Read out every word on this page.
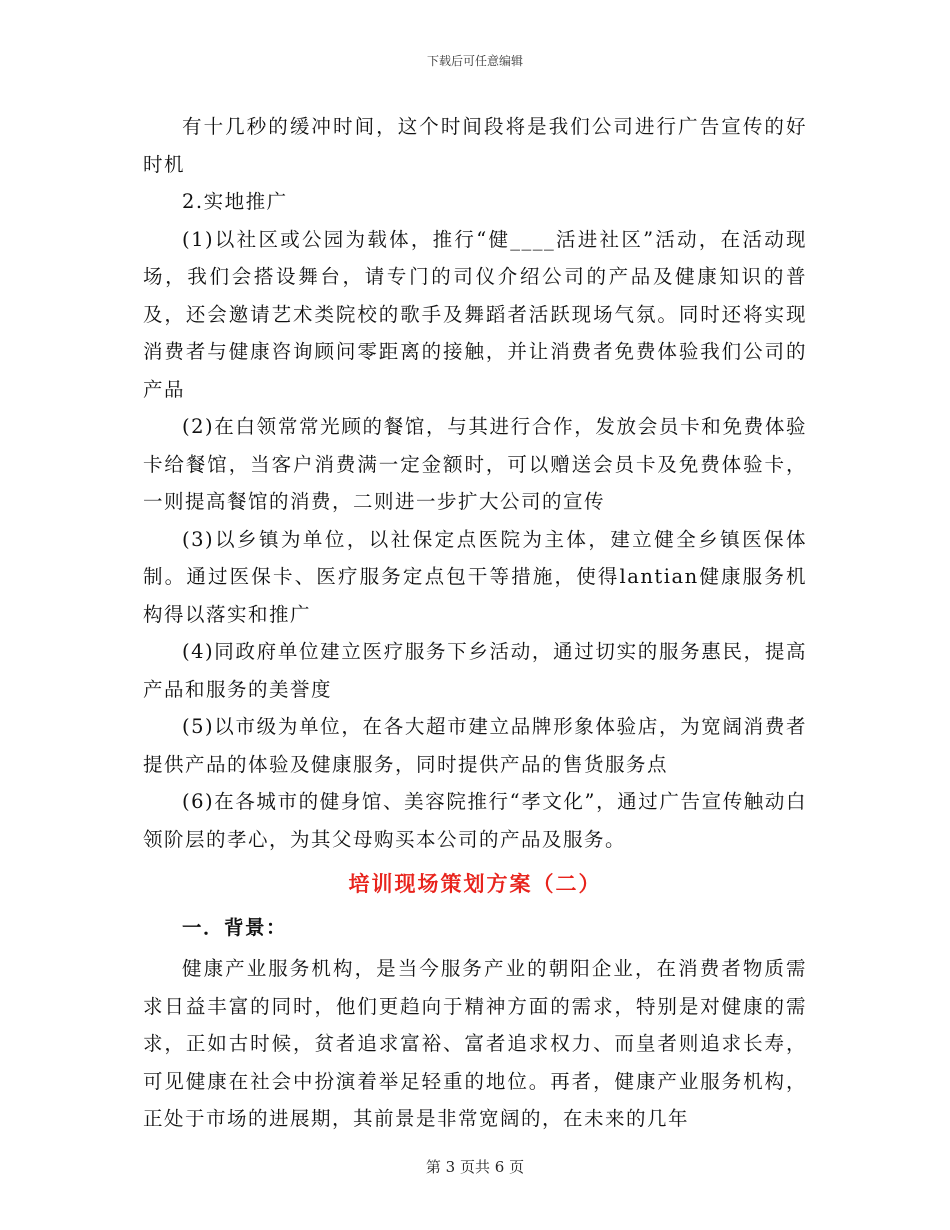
下载后可任意编辑

有十几秒的缓冲时间，这个时间段将是我们公司进行广告宣传的好时机

2.实地推广

(1)以社区或公园为载体，推行“健____活进社区”活动，在活动现场，我们会搭设舞台，请专门的司仪介绍公司的产品及健康知识的普及，还会邀请艺术类院校的歌手及舞蹈者活跃现场气氛。同时还将实现消费者与健康咨询顾问零距离的接触，并让消费者免费体验我们公司的产品

(2)在白领常常光顾的餐馆，与其进行合作，发放会员卡和免费体验卡给餐馆，当客户消费满一定金额时，可以赠送会员卡及免费体验卡，一则提高餐馆的消费，二则进一步扩大公司的宣传

(3)以乡镇为单位，以社保定点医院为主体，建立健全乡镇医保体制。通过医保卡、医疗服务定点包干等措施，使得lantian健康服务机构得以落实和推广

(4)同政府单位建立医疗服务下乡活动，通过切实的服务惠民，提高产品和服务的美誉度

(5)以市级为单位，在各大超市建立品牌形象体验店，为宽阔消费者提供产品的体验及健康服务，同时提供产品的售货服务点

(6)在各城市的健身馆、美容院推行“孝文化”，通过广告宣传触动白领阶层的孝心，为其父母购买本公司的产品及服务。

培训现场策划方案（二）

一．背景：

健康产业服务机构，是当今服务产业的朝阳企业，在消费者物质需求日益丰富的同时，他们更趋向于精神方面的需求，特别是对健康的需求，正如古时候，贫者追求富裕、富者追求权力、而皇者则追求长寿，可见健康在社会中扮演着举足轻重的地位。再者，健康产业服务机构，正处于市场的进展期，其前景是非常宽阔的，在未来的几年

第 3 页共 6 页
